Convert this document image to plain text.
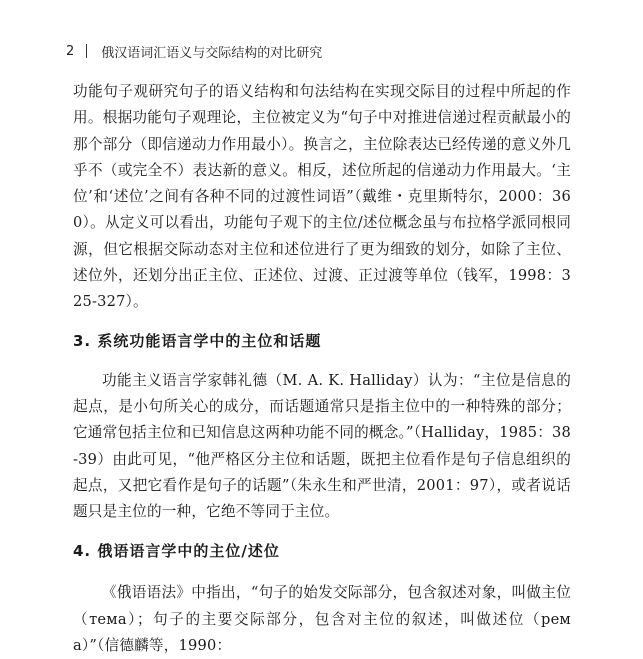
2 俄汉语词汇语义与交际结构的对比研究

功能句子观研究句子的语义结构和句法结构在实现交际目的过程中所起的作用。根据功能句子观理论，主位被定义为“句子中对推进信递过程贡献最小的那个部分（即信递动力作用最小）。换言之，主位除表达已经传递的意义外几乎不（或完全不）表达新的意义。相反，述位所起的信递动力作用最大。‘主位’和‘述位’之间有各种不同的过渡性词语”（戴维・克里斯特尔，2000：360）。从定义可以看出，功能句子观下的主位/述位概念虽与布拉格学派同根同源，但它根据交际动态对主位和述位进行了更为细致的划分，如除了主位、述位外，还划分出正主位、正述位、过渡、正过渡等单位（钱军，1998：325-327）。

3. 系统功能语言学中的主位和话题

功能主义语言学家韩礼德（M. A. K. Halliday）认为：“主位是信息的起点，是小句所关心的成分，而话题通常只是指主位中的一种特殊的部分；它通常包括主位和已知信息这两种功能不同的概念。”（Halliday，1985：38-39）由此可见，“他严格区分主位和话题，既把主位看作是句子信息组织的起点，又把它看作是句子的话题”（朱永生和严世清，2001：97），或者说话题只是主位的一种，它绝不等同于主位。

4. 俄语语言学中的主位/述位

《俄语语法》中指出，“句子的始发交际部分，包含叙述对象，叫做主位（тема）；句子的主要交际部分，包含对主位的叙述，叫做述位（рема）”（信德麟等，1990：
